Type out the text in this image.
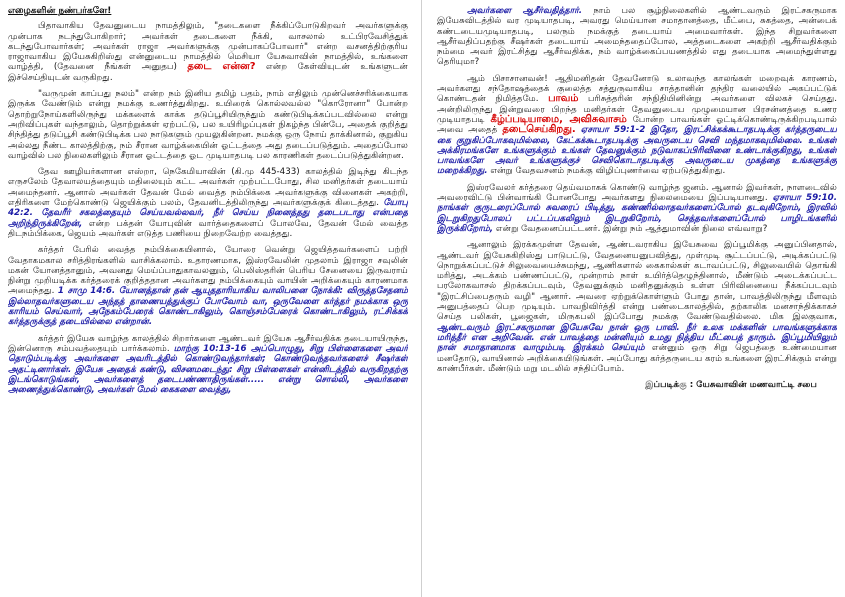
எழைகளின் நண்பர்களே!

பிதாவாகிய தேவனுடைய நாமத்திலும், "தடைகளை நீக்கிப்போடுகிறவர் அவர்களுக்கு முன்பாக நடந்துபோகிறார்; அவர்கள் தடைகளை நீக்கி, வாசலால் உட்பிரவேசித்துக் கடந்துபோவார்கள்; அவர்கள் ராஜா அவர்களுக்கு முன்பாகப்போவார்" என்ற வசனத்திற்குரிய ராஜாவாகிய இயேசுகிறிஸ்து என்னுடைய நாமத்தில் மெசியா யேசுவாவின் நாமத்தில், உங்களை வாழ்த்தி, (தேவனை நீங்கள் அனுதப) தடை என்ன? என்ற கேள்வியுடன் உங்களுடன் இச்செய்தியுடன் வருகிறது.

"வருமுன் காப்பது நலம்" என்ற நம் இனிய தமிழ் பதம், நாம் எதிலும் முன்னெச்சரிக்கையாக இருக்க வேண்டும் என்று நமக்கு உணர்த்துகிறது. உயிரைக் கொல்லவல்ல "கொரோனா" போன்ற தொற்றுநோய்களிலிருந்து மக்களைக் காக்க தடுப்பூசியிருந்தும் கண்டுபிடிக்கப்படவில்லை என்று அறிவிப்புகள் வந்தாலும், தொற்றுக்கள் ஏற்பட்டு, பல உயிரிழப்புகள் நிகழ்ந்த பின்பே, அதைக் குறித்து சிந்தித்து தடுப்பூசி கண்டுபிடிக்க பல நாடுகளும் முயலுகின்றன. நமக்கு ஒரு நோய் தாக்கினால், குறுகிய அல்லது நீண்ட காலத்திற்கு, நம் சீரான வாழ்க்கையின் ஓட்டத்தை அது தடைப்படுத்தும். அதைப்போல வாழ்வில் பல நிலைகளிலும் சீரான ஓட்டத்தை ஓட முடியாதபடி பல காரணிகள் தடைப்படுத்துகின்றன.

தேவ ஊழியர்களான எஸ்றா, நெகேமியாவின் (கி.மு 445-433) காலத்தில் இடிந்து கிடந்த எருசலேம் தேவாலயத்தையும் மதிலையும் கட்ட அவர்கள் முற்பட்டபோது, சில மனிதர்கள் தடையாய் அமைந்தனர். ஆனால் அவர்கள் தேவன் மேல் வைத்த நம்பிக்கை அவர்களுக்கு வினைகள் அகற்றி, எதிரிகளை மேற்கொண்டு ஜெயிக்கும் பலம், தேவனிடத்திலிருந்து அவர்களுக்குக் கிடைத்தது. யோபு 42:2. தேவரீர் சகலத்தையும் செய்யவல்லவர், நீர் செய்ய நினைத்தது தடைபடாது என்பதை அறிந்திருக்கிறேன், என்ற பக்தன் யோபுவின் வார்த்தைகளைப் போலவே, தேவன் மேல் வைத்த திடநம்பிக்கை, ஜெயம் அவர்கள் எடுத்த பணியை நிறைவேற்ற வைத்தது.

கர்த்தர் பேரில் வைத்த நம்பிக்கையினால், யோரை வென்று ஜெயித்தவர்களைப் பற்றி வேதாகமகால சரித்திரங்களில் வாசிக்கலாம். உதாரணமாக, இஸ்ரவேலின் முதலாம் இராஜா சவுலின் மகன் யோனத்தானும், அவனது மெய்ப்பாதுகாவலனும், பெலிஸ்தரின் பெரிய சேனையை இருவராய் நின்று முறியடிக்க கர்த்தரைக் குறித்ததான அவர்களது நம்பிக்கையும் வாயின் அறிக்கையும் காரணமாக அமைந்தது. 1 சாமு 14:6. யோனத்தான் தன் ஆயுததாரியாகிய வாலிபனை நோக்கி: விருத்தசேதனம் இல்லாதவர்களுடைய அந்தத் தாணையத்துக்குப் போவோம் வா, ஒருவேளை கர்த்தர் நமக்காக ஒரு காரியம் செய்வார், அநேகம்பேரைக் கொண்டாகிலும், கொஞ்சம்பேரைக் கொண்டாகிலும், ரட்சிக்கக் கர்த்தருக்குத் தடையில்லை என்றான்.

கர்த்தர் இயேசு வாழ்ந்த காலத்தில் சிறார்களை ஆண்டவர் இயேசு ஆசீர்வதிக்க தடையாயிருந்த, இன்னொரு சம்பவத்தையும் பார்க்கலாம். மாற்கு 10:13-16 அப்பொழுது, சிறு பிள்ளைகளை அவர் தொடும்படிக்கு அவர்களை அவரிடத்தில் கொண்டுவந்தார்கள்; கொண்டுவந்தவர்களைச் சீஷர்கள் அதட்டினார்கள். இயேசு அதைக் கண்டு, விசனமடைந்து: சிறு பிள்ளைகள் என்னிடத்தில் வருகிறதற்கு இடங்கொடுங்கள், அவர்களைத் தடைபண்ணாதிருங்கள்..... என்று சொல்லி, அவர்களை அணைத்துக்கொண்டு, அவர்கள் மேல் கைகளை வைத்து,

அவர்களை ஆசீர்வதித்தார். நாம் பல சூழ்நிலைகளில் ஆண்டவரும் இரட்சகருமாக இயேசுவிடத்தில் வர முடியாதபடி, அவரது மெய்யான சமாதானத்தை, மீட்பை, சுகத்தை, அன்பைக் கண்டடையமுடியாதபடி, பலரும் நமக்குத் தடையாய் அமைவார்கள். இந்த சிறுவர்களை ஆசீர்வதிப்பதற்கு சீஷர்கள் தடையாய் அமைந்ததைப்போல, அத்தடைகளை அகற்றி ஆசீர்வதிக்கும் நம்மை அவர் இரட்சித்து ஆசீர்வதிக்க, நம் வாழ்க்கைப்பயணத்தில் எது தடையாக அமைந்துள்ளது தெரியுமா?

ஆம் பிசாசானவன்! ஆதிமனிதன் தேவனோடு உலாவந்த காலங்கள் மறைவுக் காரணம், அவர்களது சந்தோஷத்தைக் குலைத்த சத்துருவாகிய சாத்தானின் தந்திர வலையில் அகப்பட்டுக் கொண்டதன் நிமித்தமே. பாவம் பரிசுத்தரின் சந்நிதியினின்று அவர்களை விலகச் செய்தது. அன்றிலிருந்து இன்றுவரை பிறந்த மனிதர்கள் தேவனுடைய முழுமையான பிரசன்னத்தை உணர முடியாதபடி கீழ்ப்படியாமை, அவிசுவாசம் போன்ற பாவங்கள் ஓட்டிக்கொண்டிருக்கிறபடியால் அவை அதைத் தடைசெய்கிறது. ஏசாயா 59:1-2 இதோ, இரட்சிக்கக்கூடாதபடிக்கு கர்த்தருடைய கை குறுகிப்போகவுமில்லை, கேட்கக்கூடாதபடிக்கு அவருடைய செவி மந்தமாகவுமில்லை. உங்கள் அக்கிரமங்களே உங்களுக்கும் உங்கள் தேவனுக்கும் நடுவாகப்பிரிவினை உண்டாக்குகிறது, உங்கள் பாவங்களே அவர் உங்களுக்குச் செவிகொடாதபடிக்கு அவருடைய முகத்தை உங்களுக்கு மறைக்கிறது. என்று வேதவசனம் நமக்கு விழிப்புணர்வை ஏற்படுத்துகிறது.

இஸ்ரவேலர் கர்த்தரை தெய்வமாகக் கொண்டு வாழ்ந்த ஜனம். ஆனால் இவர்கள், நாளடைவில் அவரைவிட்டு பின்வாங்கி போனபோது அவர்களது நிலைமையை இப்படியானது. ஏசாயா 59:10. நாங்கள் குருடரைப்போல் சுவரைப் பிடித்து, கண்ணில்லாதவர்களைப்போல் தடவுகிறோம், இரவில் இடறுகிறதுபோலப் பட்டப்பகலிலும் இடறுகிறோம், செத்தவர்களைப்போல் பாழிடங்களில் இருக்கிறோம், என்று வேதனைப்பட்டனர். இன்று நம் ஆத்துமாவின் நிலை எவ்வாறு?

ஆனாலும் இரக்கமுள்ள தேவன், ஆண்டவராகிய இயேசுவை இப்பூமிக்கு அனுப்பினதால், ஆண்டவர் இயேசுகிறிஸ்து பாடுபட்டு, வேதனையனுபவித்து, முள்முடி சூட்டப்பட்டு, அடிக்கப்பட்டு நொறுக்கப்பட்டுச் சிலுவையைச்சுமந்து, ஆணிகளால் கைகால்கள் கடாவப்பட்டு, சிலுவையில் தொங்கி மரித்து, அடக்கம் பண்ணப்பட்டு, முன்றாம் நாள் உயிர்த்தெழுந்தினால், மீண்டும் அடைக்கப்பட்ட பரலோகவாசல் திறக்கப்படவும், தேவனுக்கும் மனிதனுக்கும் உள்ள பிரிவினையை நீக்கப்படவும் "இரட்சிப்பைதரும் வழி" ஆனார். அவரை ஏற்றுக்கொள்ளும் போது தான், பாவத்திலிருந்து மீளவும் அனுபத்தைப் பெற முடியும். பாவநிவிர்த்தி என்று பண்டைகாலத்தில், தற்காலிக மனசாந்திக்காகச் செய்த பலிகள், பூஜைகள், மிருகபலி இப்போது நமக்கு வேண்டுவதில்லை. மிக இலகுவாக, ஆண்டவரும் இரட்சகருமான இயேசுவே நான் ஒரு பாவி. நீர் உலக மக்களின் பாவங்களுக்காக மரித்தீர் என அறிவேன். என் பாவத்தை மன்னியும் உமது நித்திய மீட்பைத் தாரும். இப்பூமியிலும் நான் சமாதானமாக வாழும்படி இரக்கம் செய்யும் என்னும் ஒரு சிறு ஜெபத்தை உண்மையான மனதோடு, வாயினால் அறிக்கையிடுங்கள். அப்போது கர்த்தருடைய கரம் உங்களை இரட்சிக்கும் என்று காண்பீர்கள். மீண்டும் மறு மடலில் சந்திப்போம்.

இப்படிக்கு : யேசுவாவின் மணவாட்டி சபை
